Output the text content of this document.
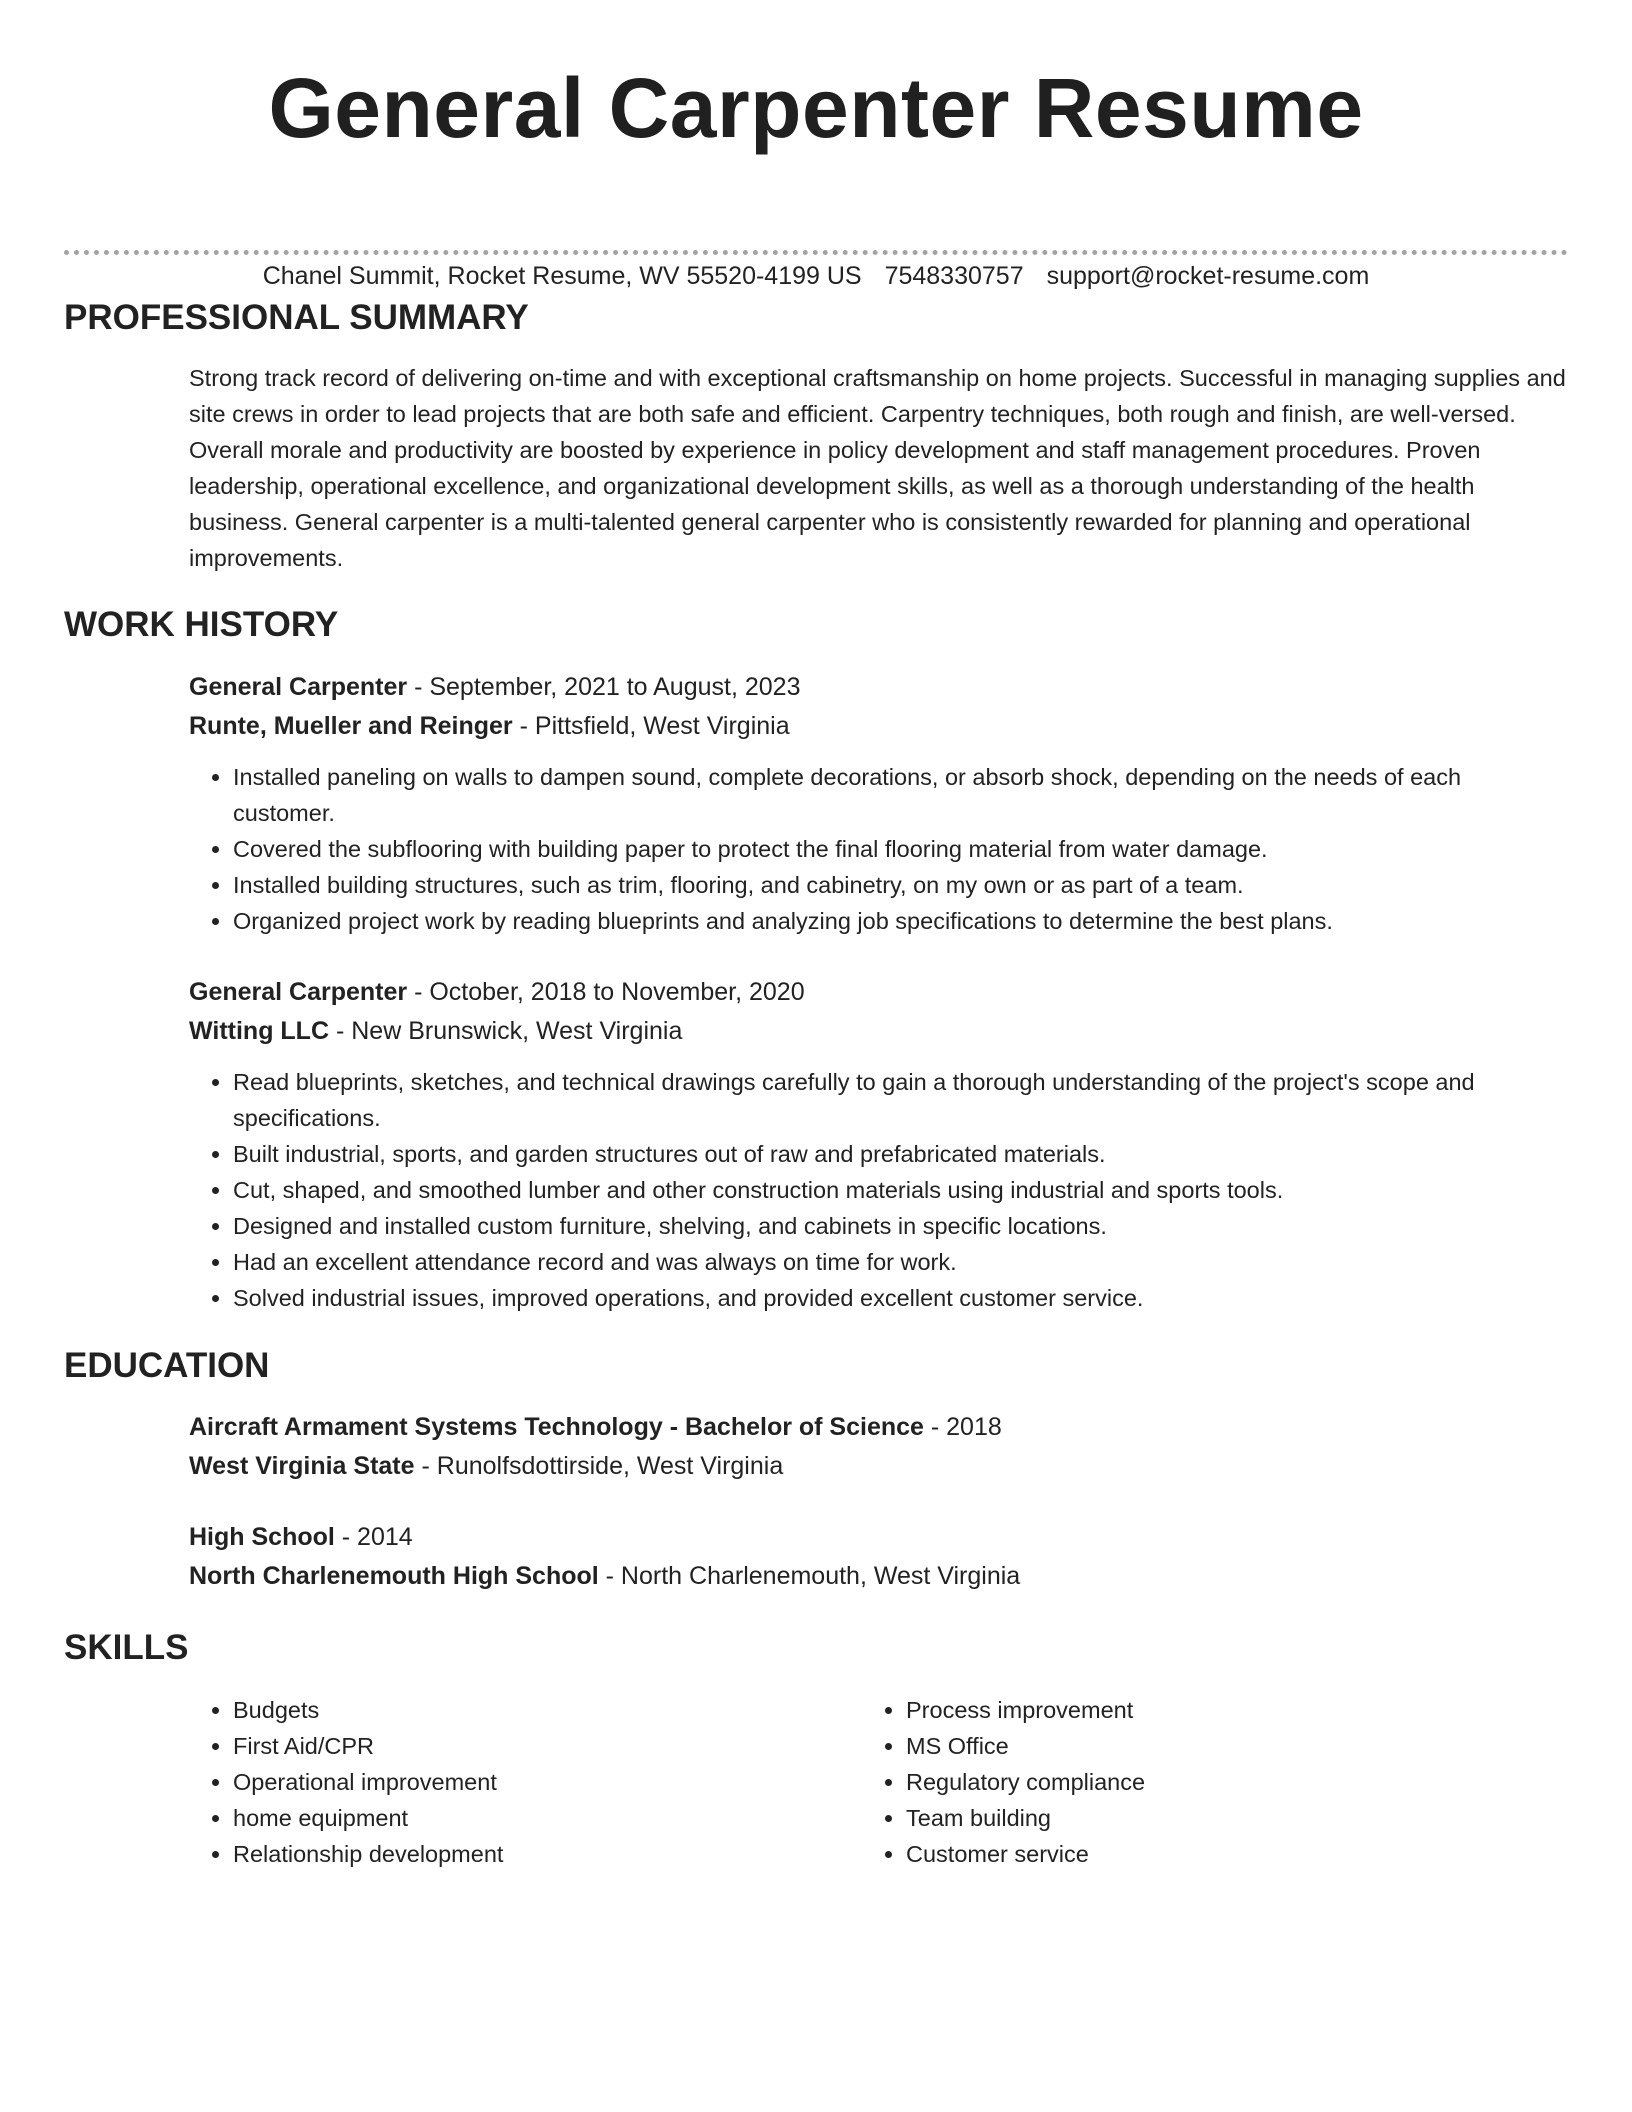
General Carpenter Resume
Chanel Summit, Rocket Resume, WV 55520-4199 US 7548330757 support@rocket-resume.com
PROFESSIONAL SUMMARY
Strong track record of delivering on-time and with exceptional craftsmanship on home projects. Successful in managing supplies and site crews in order to lead projects that are both safe and efficient. Carpentry techniques, both rough and finish, are well-versed. Overall morale and productivity are boosted by experience in policy development and staff management procedures. Proven leadership, operational excellence, and organizational development skills, as well as a thorough understanding of the health business. General carpenter is a multi-talented general carpenter who is consistently rewarded for planning and operational improvements.
WORK HISTORY
General Carpenter - September, 2021 to August, 2023
Runte, Mueller and Reinger - Pittsfield, West Virginia
• Installed paneling on walls to dampen sound, complete decorations, or absorb shock, depending on the needs of each customer.
• Covered the subflooring with building paper to protect the final flooring material from water damage.
• Installed building structures, such as trim, flooring, and cabinetry, on my own or as part of a team.
• Organized project work by reading blueprints and analyzing job specifications to determine the best plans.
General Carpenter - October, 2018 to November, 2020
Witting LLC - New Brunswick, West Virginia
• Read blueprints, sketches, and technical drawings carefully to gain a thorough understanding of the project's scope and specifications.
• Built industrial, sports, and garden structures out of raw and prefabricated materials.
• Cut, shaped, and smoothed lumber and other construction materials using industrial and sports tools.
• Designed and installed custom furniture, shelving, and cabinets in specific locations.
• Had an excellent attendance record and was always on time for work.
• Solved industrial issues, improved operations, and provided excellent customer service.
EDUCATION
Aircraft Armament Systems Technology - Bachelor of Science - 2018
West Virginia State - Runolfsdottirside, West Virginia
High School - 2014
North Charlenemouth High School - North Charlenemouth, West Virginia
SKILLS
• Budgets
• First Aid/CPR
• Operational improvement
• home equipment
• Relationship development
• Process improvement
• MS Office
• Regulatory compliance
• Team building
• Customer service
